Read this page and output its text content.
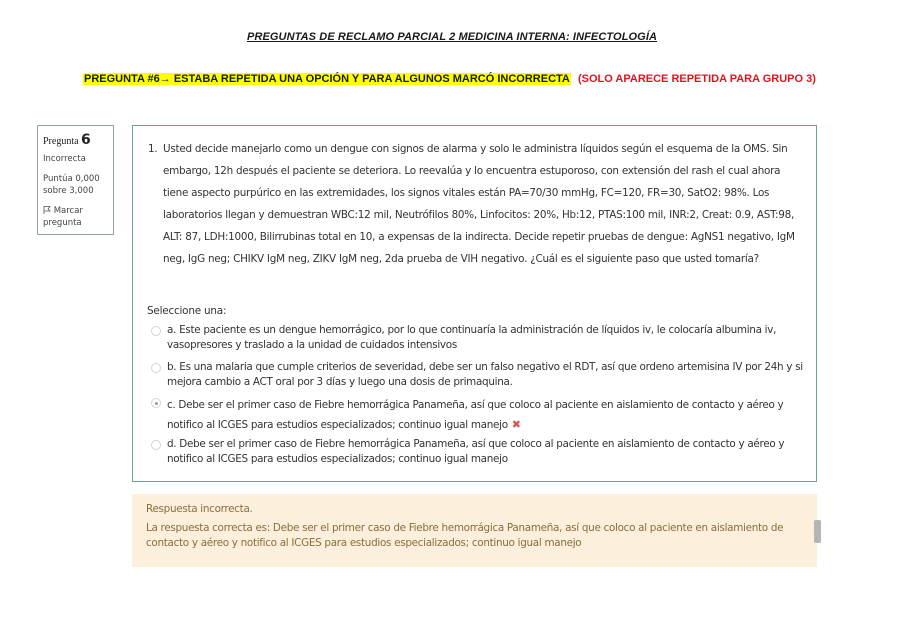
PREGUNTAS DE RECLAMO PARCIAL 2 MEDICINA INTERNA: INFECTOLOGÍA
PREGUNTA #6→ ESTABA REPETIDA UNA OPCIÓN Y PARA ALGUNOS MARCÓ INCORRECTA (SOLO APARECE REPETIDA PARA GRUPO 3)
Pregunta 6
Incorrecta
Puntúa 0,000
sobre 3,000
Marcar
pregunta
1. Usted decide manejarlo como un dengue con signos de alarma y solo le administra líquidos según el esquema de la OMS. Sin embargo, 12h después el paciente se deteriora. Lo reevalúa y lo encuentra estuporoso, con extensión del rash el cual ahora tiene aspecto purpúrico en las extremidades, los signos vitales están PA=70/30 mmHg, FC=120, FR=30, SatO2: 98%. Los laboratorios llegan y demuestran WBC:12 mil, Neutrófilos 80%, Linfocitos: 20%, Hb:12, PTAS:100 mil, INR:2, Creat: 0.9, AST:98, ALT: 87, LDH:1000, Bilirrubinas total en 10, a expensas de la indirecta. Decide repetir pruebas de dengue: AgNS1 negativo, IgM neg, IgG neg; CHIKV IgM neg, ZIKV IgM neg, 2da prueba de VIH negativo. ¿Cuál es el siguiente paso que usted tomaría?
Seleccione una:
a. Este paciente es un dengue hemorrágico, por lo que continuaría la administración de líquidos iv, le colocaría albumina iv, vasopresores y traslado a la unidad de cuidados intensivos
b. Es una malaria que cumple criterios de severidad, debe ser un falso negativo el RDT, así que ordeno artemisina IV por 24h y si mejora cambio a ACT oral por 3 días y luego una dosis de primaquina.
c. Debe ser el primer caso de Fiebre hemorrágica Panameña, así que coloco al paciente en aislamiento de contacto y aéreo y notifico al ICGES para estudios especializados; continuo igual manejo ✖
d. Debe ser el primer caso de Fiebre hemorrágica Panameña, así que coloco al paciente en aislamiento de contacto y aéreo y notifico al ICGES para estudios especializados; continuo igual manejo
Respuesta incorrecta.
La respuesta correcta es: Debe ser el primer caso de Fiebre hemorrágica Panameña, así que coloco al paciente en aislamiento de contacto y aéreo y notifico al ICGES para estudios especializados; continuo igual manejo
